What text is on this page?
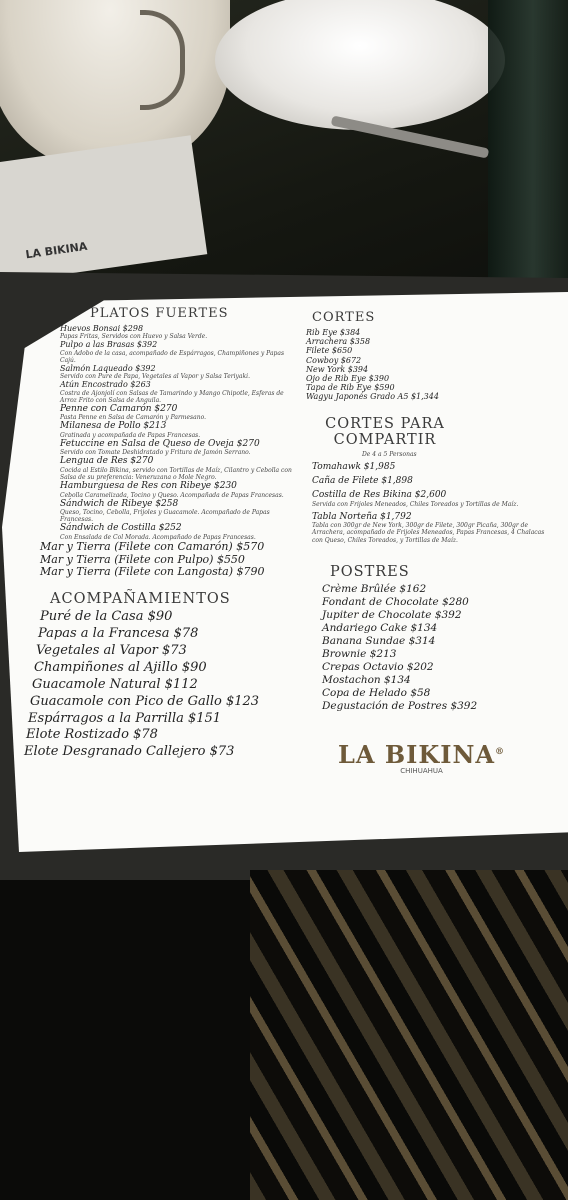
LA BIKINA
PLATOS FUERTES
Huevos Bonsai $298
Papas Fritas, Servidos con Huevo y Salsa Verde.
Pulpo a las Brasas $392
Con Adobo de la casa, acompañado de Espárragos, Champiñones y Papas Cajú.
Salmón Laqueado $392
Servido con Pure de Papa, Vegetales al Vapor y Salsa Teriyaki.
Atún Encostrado $263
Costra de Ajonjolí con Salsas de Tamarindo y Mango Chipotle, Esferas de Arroz Frito con Salsa de Anguila.
Penne con Camarón $270
Pasta Penne en Salsa de Camarón y Parmesano.
Milanesa de Pollo $213
Gratinada y acompañada de Papas Francesas.
Fetuccine en Salsa de Queso de Oveja $270
Servido con Tomate Deshidratado y Fritura de Jamón Serrano.
Lengua de Res $270
Cocida al Estilo Bikina, servido con Tortillas de Maíz, Cilantro y Cebolla con Salsa de su preferencia: Veneruzana o Mole Negro.
Hamburguesa de Res con Ribeye $230
Cebolla Caramelizada, Tocino y Queso. Acompañada de Papas Francesas.
Sándwich de Ribeye $258
Queso, Tocino, Cebolla, Frijoles y Guacamole. Acompañado de Papas Francesas.
Sándwich de Costilla $252
Con Ensalada de Col Morada. Acompañado de Papas Francesas.
Mar y Tierra (Filete con Camarón) $570
Mar y Tierra (Filete con Pulpo) $550
Mar y Tierra (Filete con Langosta) $790
ACOMPAÑAMIENTOS
Puré de la Casa $90
Papas a la Francesa $78
Vegetales al Vapor $73
Champiñones al Ajillo $90
Guacamole Natural $112
Guacamole con Pico de Gallo $123
Espárragos a la Parrilla $151
Elote Rostizado $78
Elote Desgranado Callejero $73
CORTES
Rib Eye $384
Arrachera $358
Filete $650
Cowboy $672
New York $394
Ojo de Rib Eye $390
Tapa de Rib Eye $590
Wagyu Japonés Grado A5 $1,344
CORTES PARA COMPARTIR
De 4 a 5 Personas
Tomahawk $1,985
Caña de Filete $1,898
Costilla de Res Bikina $2,600
Servida con Frijoles Meneados, Chiles Toreados y Tortillas de Maíz.
Tabla Norteña $1,792
Tabla con 300gr de New York, 300gr de Filete, 300gr Picaña, 300gr de Arrachera, acompañado de Frijoles Meneados, Papas Francesas, 4 Chalacas con Queso, Chiles Toreados, y Tortillas de Maíz.
POSTRES
Crème Brûlée $162
Fondant de Chocolate $280
Jupiter de Chocolate $392
Andariego Cake $134
Banana Sundae $314
Brownie $213
Crepas Octavio $202
Mostachon $134
Copa de Helado $58
Degustación de Postres $392
LA BIKINA®
CHIHUAHUA
